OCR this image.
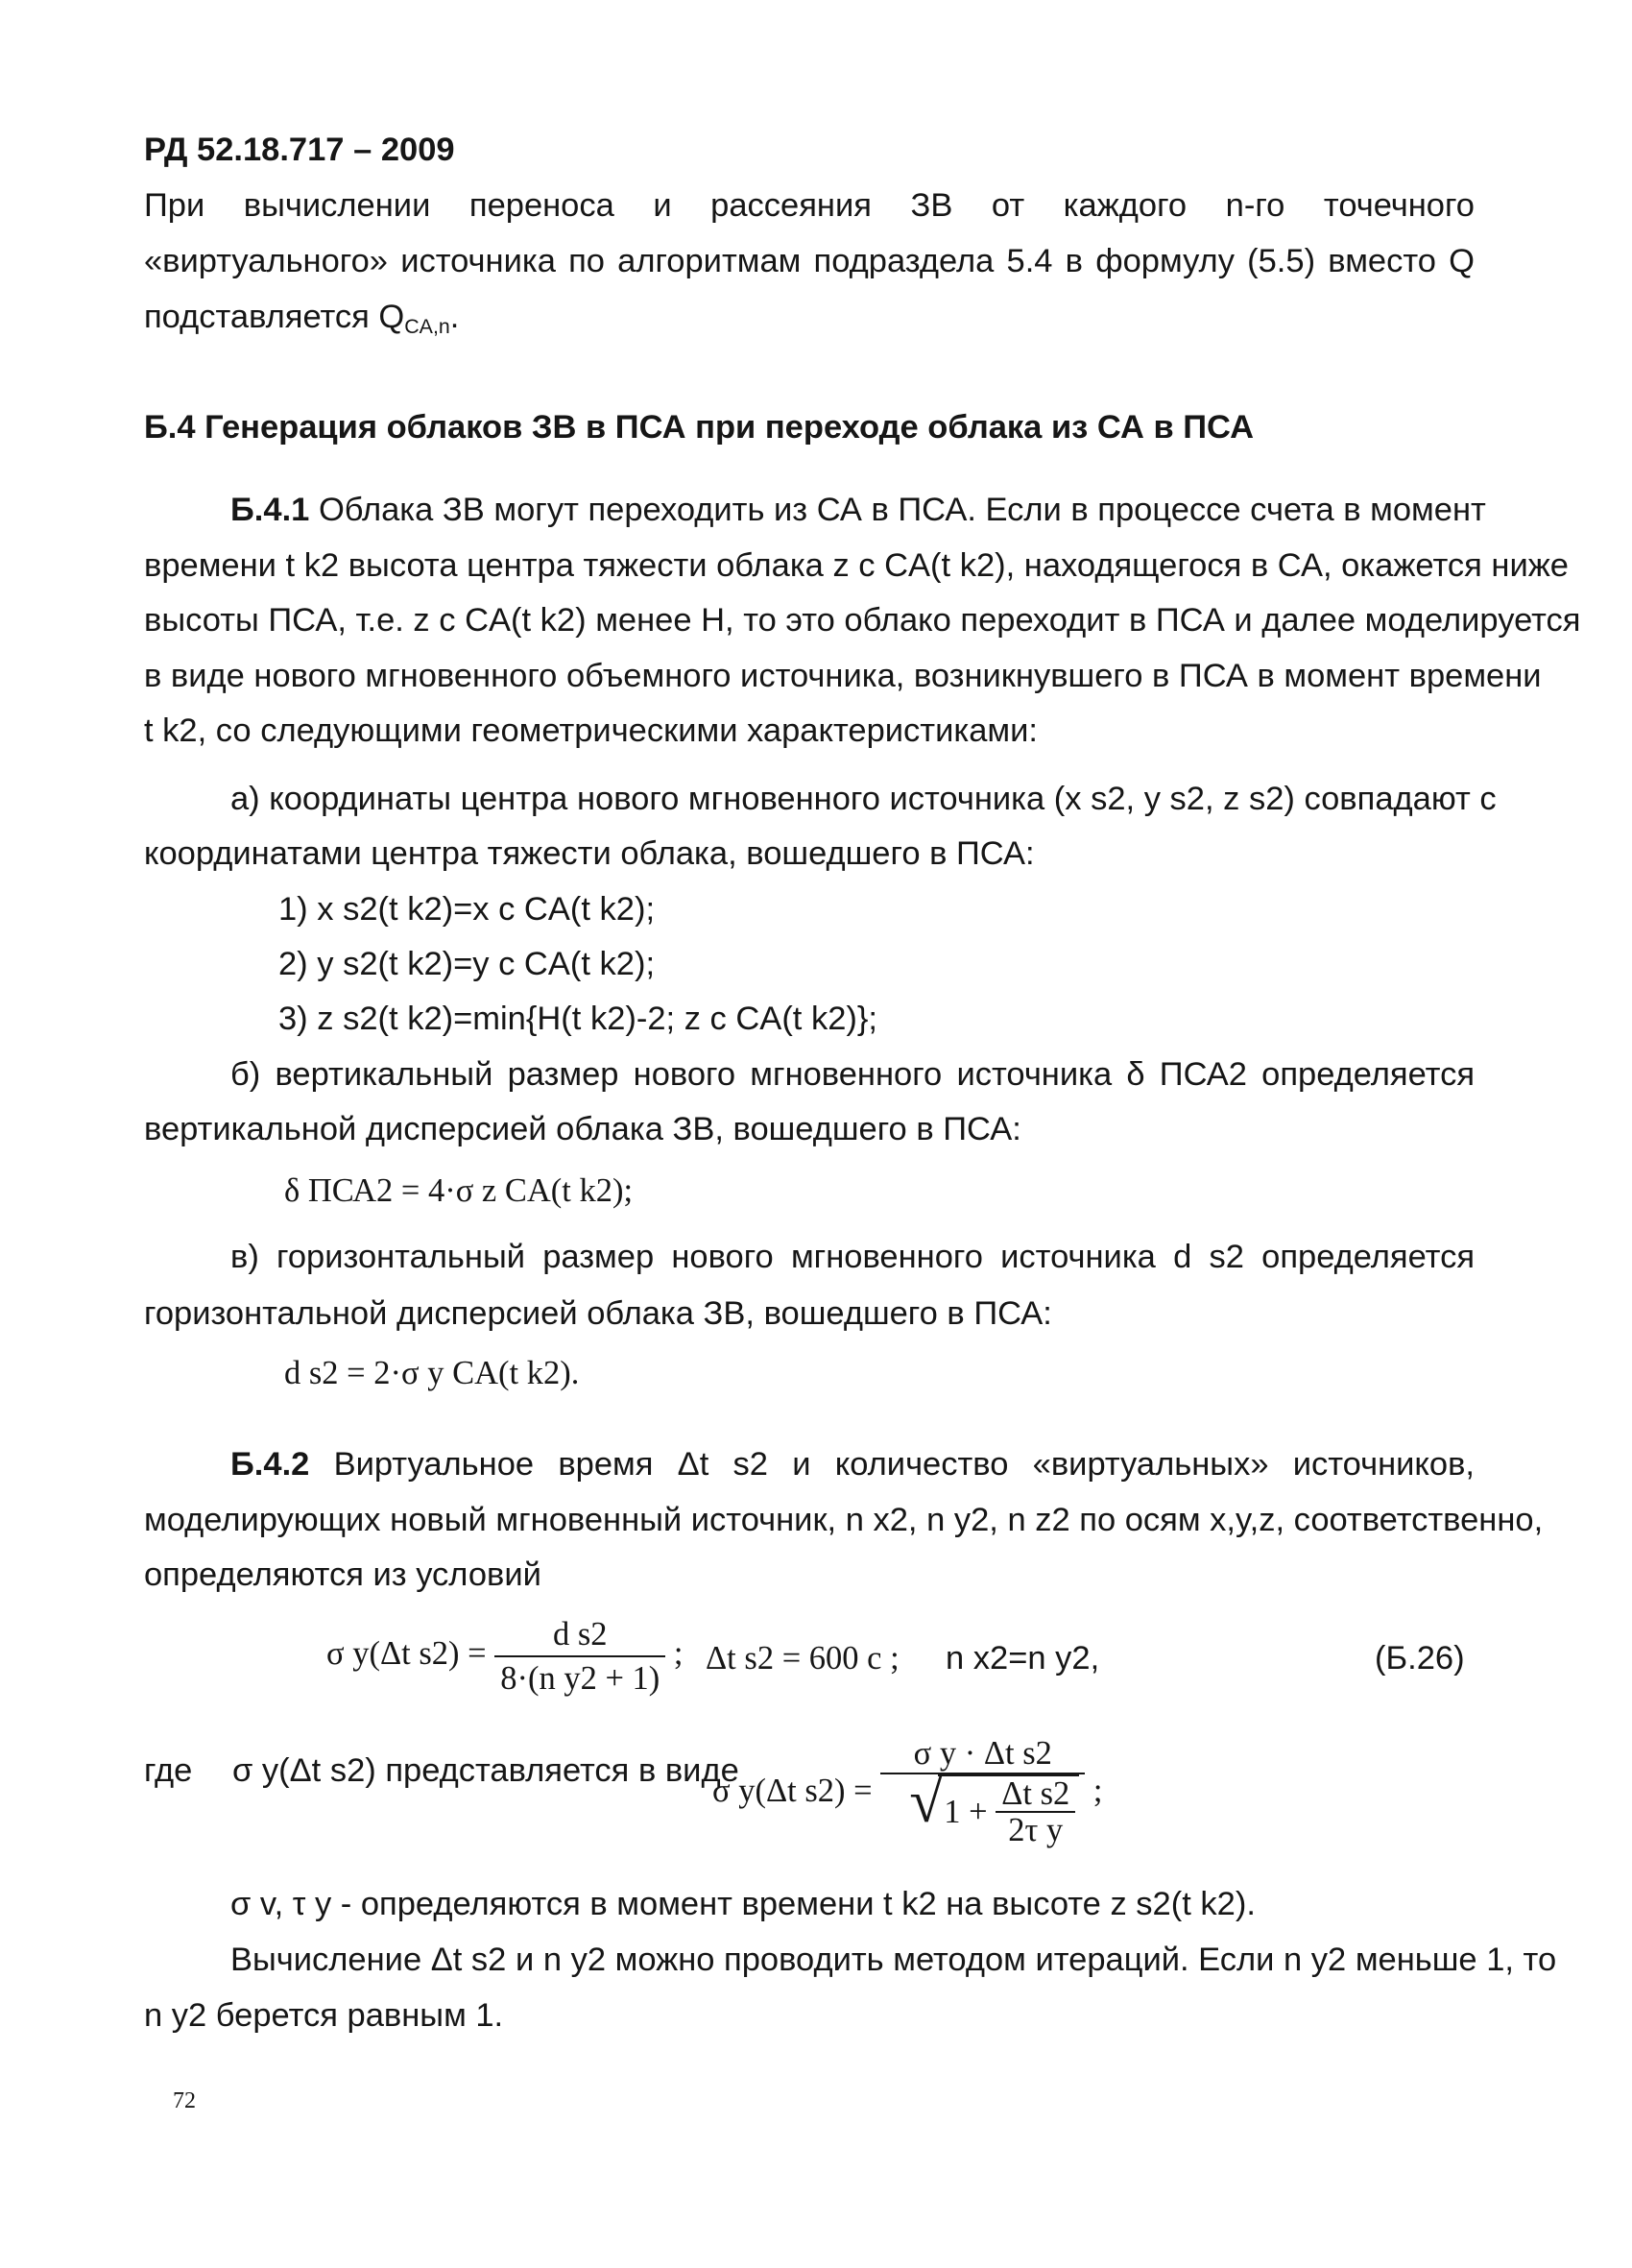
РД 52.18.717 – 2009
При вычислении переноса и рассеяния ЗВ от каждого n-го точечного
«виртуального» источника по алгоритмам подраздела 5.4 в формулу (5.5) вместо Q
подставляется $Q_{CA,n}$.
Б.4 Генерация облаков ЗВ в ПСА при переходе облака из СА в ПСА
Б.4.1 Облака ЗВ могут переходить из СА в ПСА. Если в процессе счета в момент
времени t k2 высота центра тяжести облака z c CA(t k2), находящегося в СА, окажется ниже
высоты ПСА, т.е. z c CA(t k2) менее H, то это облако переходит в ПСА и далее моделируется
в виде нового мгновенного объемного источника, возникнувшего в ПСА в момент времени
t k2, со следующими геометрическими характеристиками:
а) координаты центра нового мгновенного источника (x s2, y s2, z s2) совпадают с
координатами центра тяжести облака, вошедшего в ПСА:
1) x s2(t k2)=x c CA(t k2);
2) y s2(t k2)=y c CA(t k2);
3) z s2(t k2)=min{H(t k2)-2; z c CA(t k2)};
б) вертикальный размер нового мгновенного источника δ ПСА2 определяется
вертикальной дисперсией облака ЗВ, вошедшего в ПСА:
δ ПСА2 = 4·σ z CA(t k2);
в) горизонтальный размер нового мгновенного источника d s2 определяется
горизонтальной дисперсией облака ЗВ, вошедшего в ПСА:
d s2 = 2·σ y CA(t k2).
Б.4.2 Виртуальное время Δt s2 и количество «виртуальных» источников,
моделирующих новый мгновенный источник, n x2, n y2, n z2 по осям x,y,z, соответственно,
определяются из условий
σ y(Δt $s2) = \frac{\text{d s2}}{\text{8·(n y2 + 1)}}$ ; Δt s2 = 600 с ; n x2=n y2,	(Б.26)
где σ y(Δt s2) представляется в виде
σ y(Δt s2) = σ y · Δt s2
√ $1 + \frac{\text{Δt s2}}{\text{2τ y}}$ ;
σ v, τ y - определяются в момент времени t k2 на высоте z s2(t k2).
Вычисление Δt s2 и n y2 можно проводить методом итераций. Если n y2 меньше 1, то
n y2 берется равным 1.
72
